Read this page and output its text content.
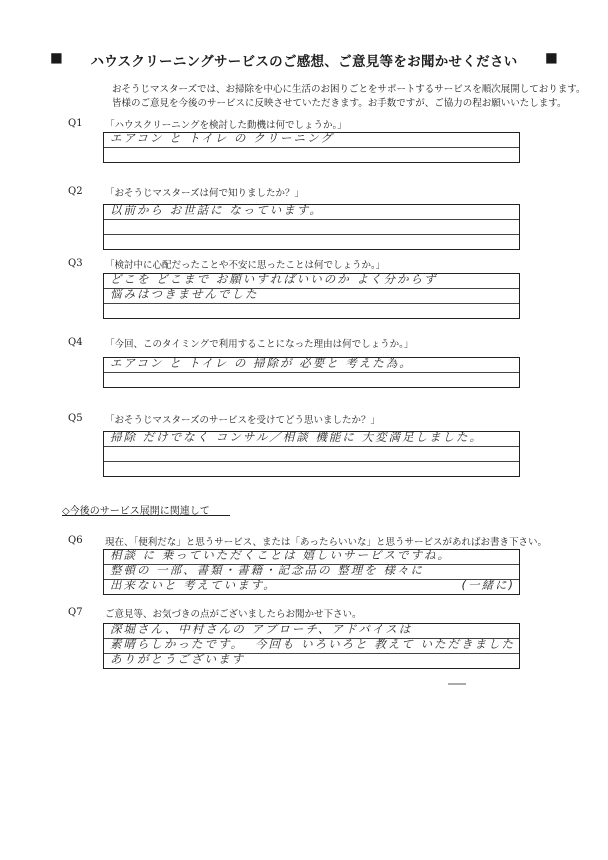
■ ハウスクリーニングサービスのご感想、ご意見等をお聞かせください ■
おそうじマスターズでは、お掃除を中心に生活のお困りごとをサポートするサービスを順次展開しております。
皆様のご意見を今後のサービスに反映させていただきます。お手数ですが、ご協力の程お願いいたします。
Q1 「ハウスクリーニングを検討した動機は何でしょうか。」
エアコン と トイレ の クリーニング
Q2 「おそうじマスターズは何で知りましたか？」
以前から お世話に なっています。
Q3 「検討中に心配だったことや不安に思ったことは何でしょうか。」
どこを どこまで お願いすればいいのか よく分からず
悩みはつきませんでした
Q4 「今回、このタイミングで利用することになった理由は何でしょうか。」
エアコン と トイレ の 掃除が 必要と 考えた為。
Q5 「おそうじマスターズのサービスを受けてどう思いましたか？」
掃除 だけでなく コンサル／相談 機能に 大変満足しました。
◇今後のサービス展開に関連して
Q6 現在、「便利だな」と思うサービス、または「あったらいいな」と思うサービスがあればお書き下さい。
相談 に 乗っていただくことは 嬉しいサービスですね。
整頓の 一部、書類・書籍・記念品の 整理を 様々に
出来ないと 考えています。	(一緒に)
Q7 ご意見等、お気づきの点がございましたらお聞かせ下さい。
深堀さん、中村さんの アプローチ、アドバイスは
素晴らしかったです。 今回も いろいろと 教えて いただきました
ありがとうございます
